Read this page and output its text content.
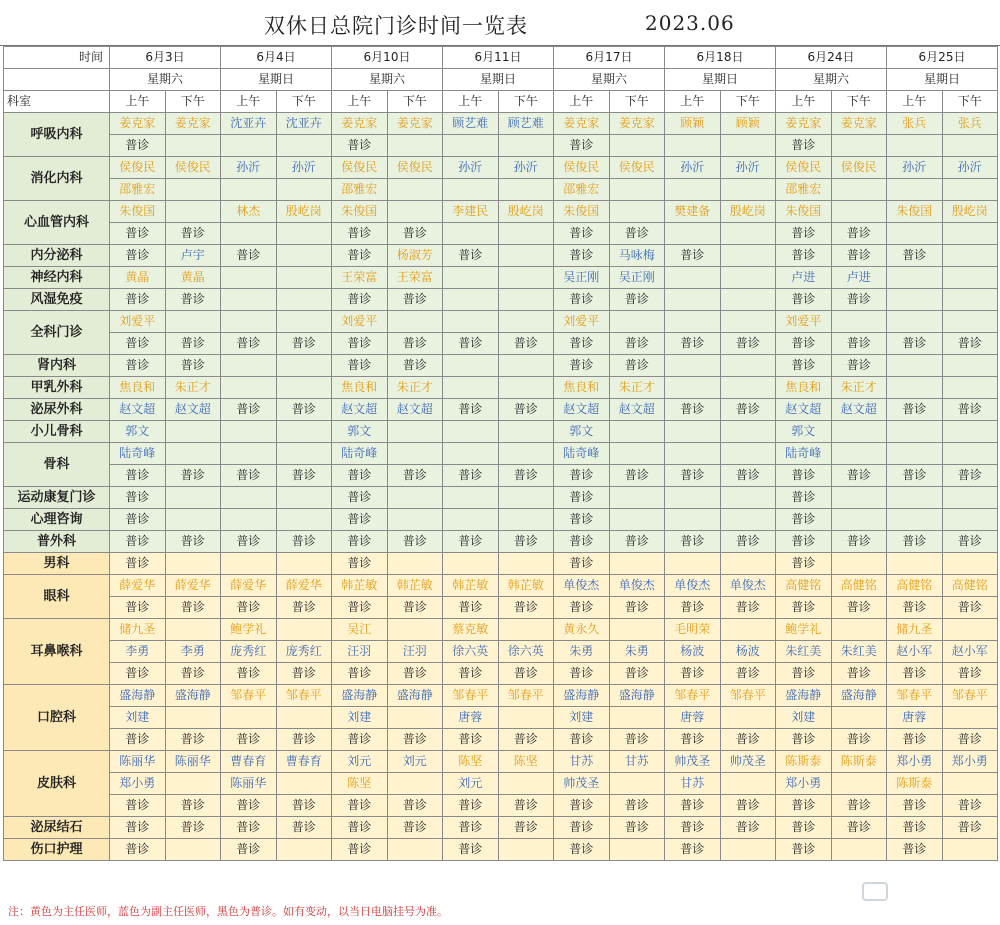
双休日总院门诊时间一览表	2023.06
时间	6月3日		6月4日		6月10日		6月11日		6月17日		6月18日		6月24日		6月25日	
	星期六		星期日		星期六		星期日		星期六		星期日		星期六		星期日	
科室	上午	下午	上午	下午	上午	下午	上午	下午	上午	下午	上午	下午	上午	下午	上午	下午
呼吸内科	姜克家	姜克家	沈亚卉	沈亚卉	姜克家	姜克家	顾艺难	顾艺难	姜克家	姜克家	顾颖	顾颖	姜克家	姜克家	张兵	张兵
	普诊				普诊				普诊				普诊			
消化内科	侯俊民	侯俊民	孙沂	孙沂	侯俊民	侯俊民	孙沂	孙沂	侯俊民	侯俊民	孙沂	孙沂	侯俊民	侯俊民	孙沂	孙沂
	邵雅宏				邵雅宏				邵雅宏				邵雅宏			
心血管内科	朱俊国		林杰	殷屹岗	朱俊国		李建民	殷屹岗	朱俊国		樊建备	殷屹岗	朱俊国		朱俊国	殷屹岗
	普诊	普诊			普诊	普诊			普诊	普诊			普诊	普诊		
内分泌科	普诊	卢宇	普诊		普诊	杨淑芳	普诊		普诊	马咏梅	普诊		普诊	普诊	普诊	
神经内科	黄晶	黄晶			王荣富	王荣富			吴正刚	吴正刚			卢进	卢进		
风湿免疫	普诊	普诊			普诊	普诊			普诊	普诊			普诊	普诊		
全科门诊	刘爱平				刘爱平				刘爱平				刘爱平			
	普诊	普诊	普诊	普诊	普诊	普诊	普诊	普诊	普诊	普诊	普诊	普诊	普诊	普诊	普诊	普诊
肾内科	普诊	普诊			普诊	普诊			普诊	普诊			普诊	普诊		
甲乳外科	焦良和	朱正才			焦良和	朱正才			焦良和	朱正才			焦良和	朱正才		
泌尿外科	赵文超	赵文超	普诊	普诊	赵文超	赵文超	普诊	普诊	赵文超	赵文超	普诊	普诊	赵文超	赵文超	普诊	普诊
小儿骨科	郭文				郭文				郭文				郭文			
骨科	陆奇峰				陆奇峰				陆奇峰				陆奇峰			
	普诊	普诊	普诊	普诊	普诊	普诊	普诊	普诊	普诊	普诊	普诊	普诊	普诊	普诊	普诊	普诊
运动康复门诊	普诊				普诊				普诊				普诊			
心理咨询	普诊				普诊				普诊				普诊			
普外科	普诊	普诊	普诊	普诊	普诊	普诊	普诊	普诊	普诊	普诊	普诊	普诊	普诊	普诊	普诊	普诊
男科	普诊				普诊				普诊				普诊			
眼科	薛爱华	薛爱华	薛爱华	薛爱华	韩芷敏	韩芷敏	韩芷敏	韩芷敏	单俊杰	单俊杰	单俊杰	单俊杰	高健铭	高健铭	高健铭	高健铭
	普诊	普诊	普诊	普诊	普诊	普诊	普诊	普诊	普诊	普诊	普诊	普诊	普诊	普诊	普诊	普诊
耳鼻喉科	储九圣		鲍学礼		吴江		蔡克敏		黄永久		毛明荣		鲍学礼		储九圣	
	李勇	李勇	庞秀红	庞秀红	汪羽	汪羽	徐六英	徐六英	朱勇	朱勇	杨波	杨波	朱红美	朱红美	赵小军	赵小军
	普诊	普诊	普诊	普诊	普诊	普诊	普诊	普诊	普诊	普诊	普诊	普诊	普诊	普诊	普诊	普诊
口腔科	盛海静	盛海静	邹春平	邹春平	盛海静	盛海静	邹春平	邹春平	盛海静	盛海静	邹春平	邹春平	盛海静	盛海静	邹春平	邹春平
	刘建				刘建		唐蓉		刘建		唐蓉		刘建		唐蓉	
	普诊	普诊	普诊	普诊	普诊	普诊	普诊	普诊	普诊	普诊	普诊	普诊	普诊	普诊	普诊	普诊
皮肤科	陈丽华	陈丽华	曹春育	曹春育	刘元	刘元	陈坚	陈坚	甘苏	甘苏	帅茂圣	帅茂圣	陈斯泰	陈斯泰	郑小勇	郑小勇
	郑小勇		陈丽华		陈坚		刘元		帅茂圣		甘苏		郑小勇		陈斯泰	
	普诊	普诊	普诊	普诊	普诊	普诊	普诊	普诊	普诊	普诊	普诊	普诊	普诊	普诊	普诊	普诊
泌尿结石	普诊	普诊	普诊	普诊	普诊	普诊	普诊	普诊	普诊	普诊	普诊	普诊	普诊	普诊	普诊	普诊
伤口护理	普诊		普诊		普诊		普诊		普诊		普诊		普诊		普诊	
注：黄色为主任医师，蓝色为副主任医师，黑色为普诊。如有变动，以当日电脑挂号为准。
